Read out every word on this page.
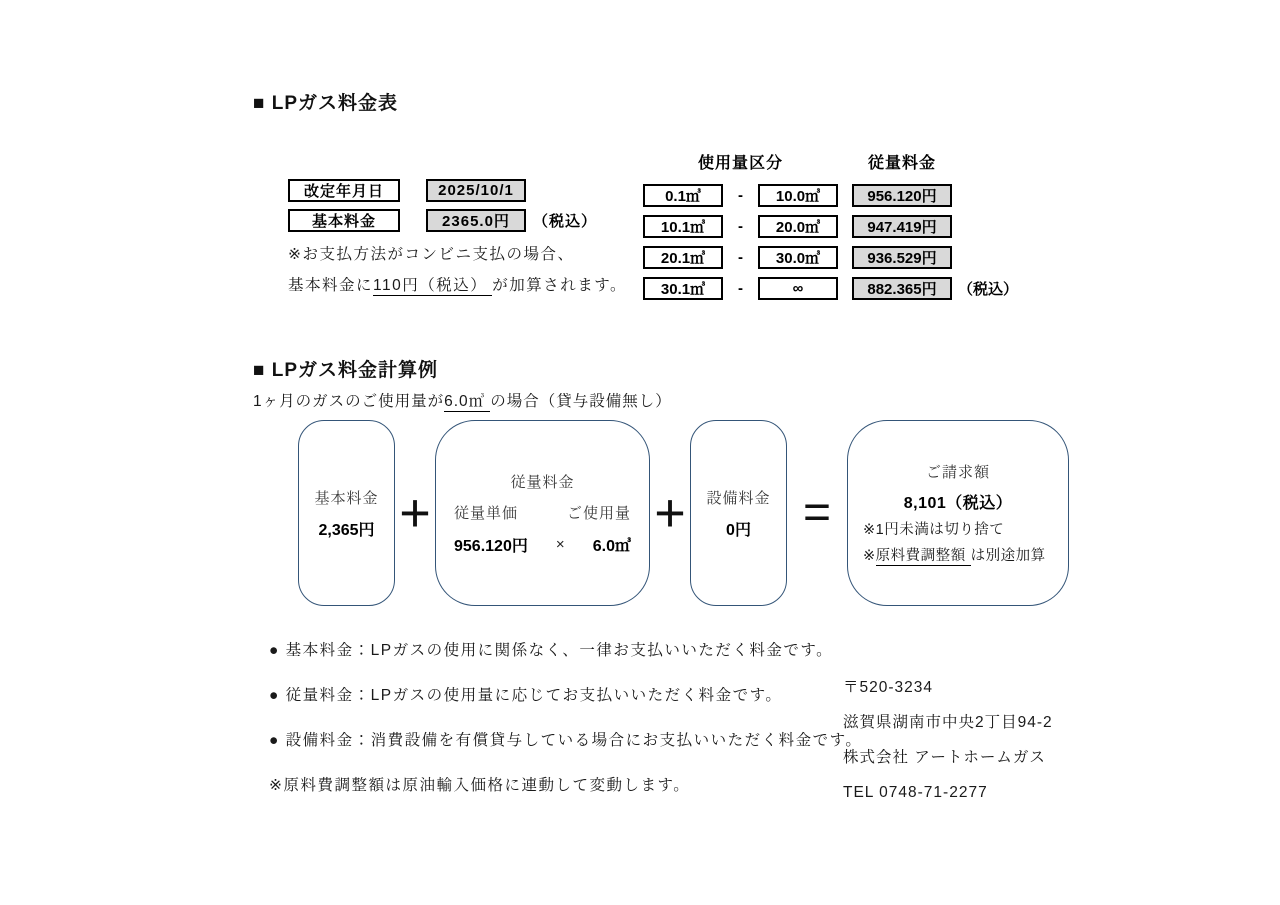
■ LPガス料金表
改定年月日	2025/10/1
基本料金	2365.0円	（税込）

※お支払方法がコンビニ支払の場合、

基本料金に110円（税込） が加算されます。

使用量区分	従量料金
0.1㎥	-	10.0㎥	956.120円
10.1㎥	-	20.0㎥	947.419円
20.1㎥	-	30.0㎥	936.529円
30.1㎥	-	∞	882.365円	（税込）
■ LPガス料金計算例

1ヶ月のガスのご使用量が6.0㎥ の場合（貸与設備無し）

基本料金
2,365円 +
従量料金
従量単価	ご使用量
956.120円 × 6.0㎥
+ 設備料金
0円	=
ご請求額
8,101（税込）
※1円未満は切り捨て
※原料費調整額 は別途加算

● 基本料金：LPガスの使用に関係なく、一律お支払いいただく料金です。

● 従量料金：LPガスの使用量に応じてお支払いいただく料金です。

● 設備料金：消費設備を有償貸与している場合にお支払いいただく料金です。

※原料費調整額は原油輸入価格に連動して変動します。

〒520-3234

滋賀県湖南市中央2丁目94-2

株式会社 アートホームガス

TEL 0748-71-2277
